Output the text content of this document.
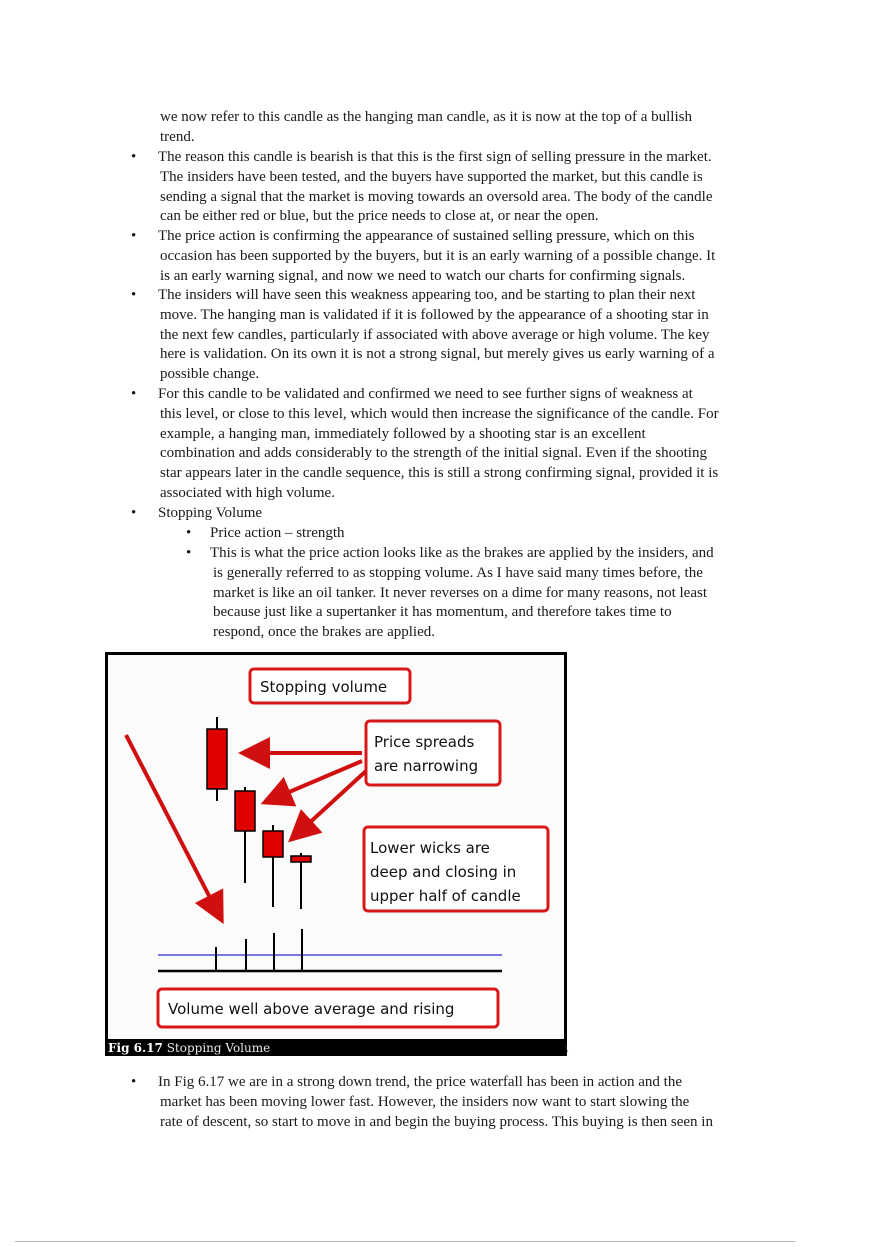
we now refer to this candle as the hanging man candle, as it is now at the top of a bullish
trend.
• The reason this candle is bearish is that this is the first sign of selling pressure in the market.
The insiders have been tested, and the buyers have supported the market, but this candle is
sending a signal that the market is moving towards an oversold area. The body of the candle
can be either red or blue, but the price needs to close at, or near the open.
• The price action is confirming the appearance of sustained selling pressure, which on this
occasion has been supported by the buyers, but it is an early warning of a possible change. It
is an early warning signal, and now we need to watch our charts for confirming signals.
• The insiders will have seen this weakness appearing too, and be starting to plan their next
move. The hanging man is validated if it is followed by the appearance of a shooting star in
the next few candles, particularly if associated with above average or high volume. The key
here is validation. On its own it is not a strong signal, but merely gives us early warning of a
possible change.
• For this candle to be validated and confirmed we need to see further signs of weakness at
this level, or close to this level, which would then increase the significance of the candle. For
example, a hanging man, immediately followed by a shooting star is an excellent
combination and adds considerably to the strength of the initial signal. Even if the shooting
star appears later in the candle sequence, this is still a strong confirming signal, provided it is
associated with high volume.
• Stopping Volume
• Price action – strength
• This is what the price action looks like as the brakes are applied by the insiders, and
is generally referred to as stopping volume. As I have said many times before, the
market is like an oil tanker. It never reverses on a dime for many reasons, not least
because just like a supertanker it has momentum, and therefore takes time to
respond, once the brakes are applied.
• In Fig 6.17 we are in a strong down trend, the price waterfall has been in action and the
market has been moving lower fast. However, the insiders now want to start slowing the
rate of descent, so start to move in and begin the buying process. This buying is then seen in
Stopping volume
Price spreads
are narrowing
Lower wicks are
deep and closing in
upper half of candle
Volume well above average and rising
Fig 6.17 Stopping Volume	\
